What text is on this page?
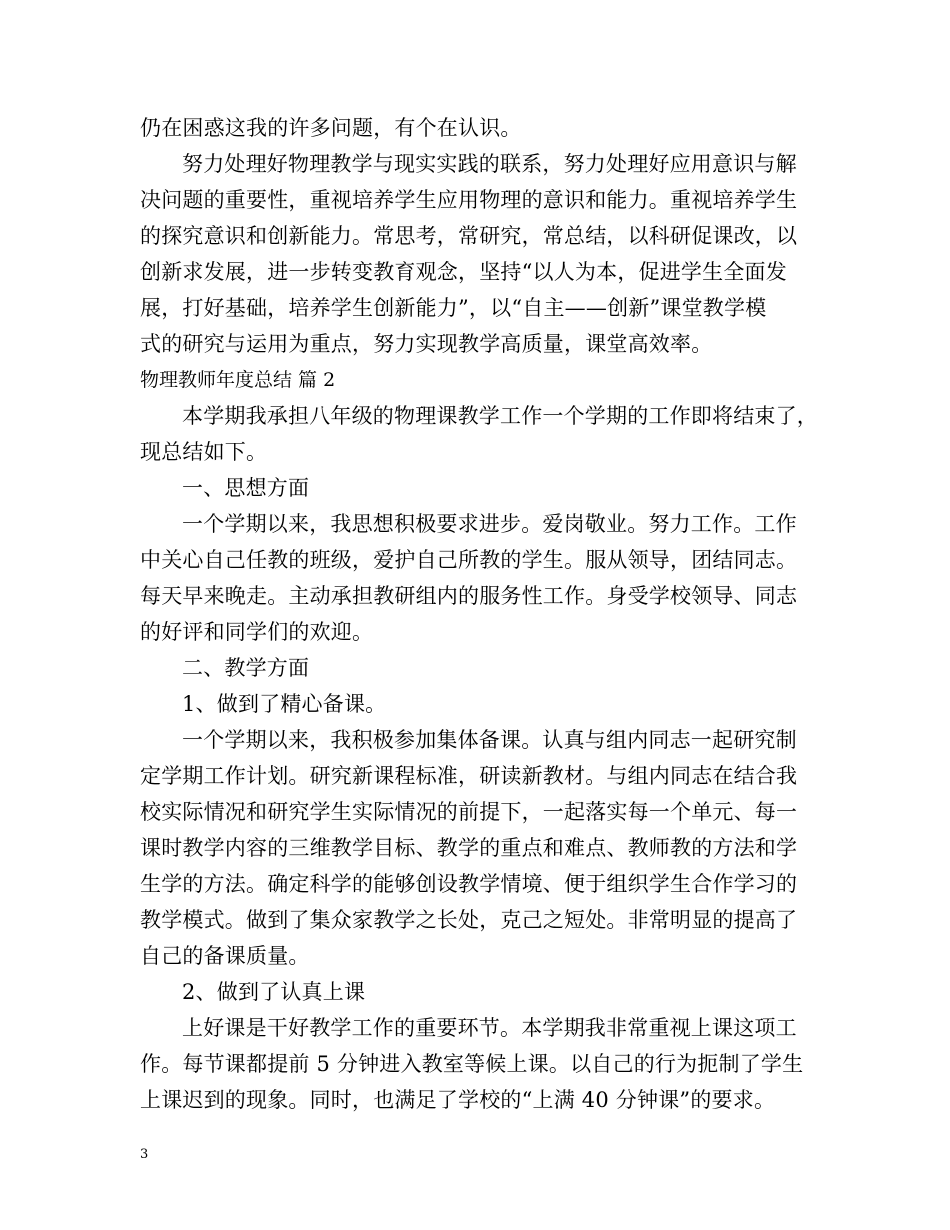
仍在困惑这我的许多问题，有个在认识。
努力处理好物理教学与现实实践的联系，努力处理好应用意识与解
决问题的重要性，重视培养学生应用物理的意识和能力。重视培养学生
的探究意识和创新能力。常思考，常研究，常总结，以科研促课改，以
创新求发展，进一步转变教育观念，坚持“以人为本，促进学生全面发
展，打好基础，培养学生创新能力”，以“自主——创新”课堂教学模
式的研究与运用为重点，努力实现教学高质量，课堂高效率。
物理教师年度总结 篇 2
本学期我承担八年级的物理课教学工作一个学期的工作即将结束了，
现总结如下。
一、思想方面
一个学期以来，我思想积极要求进步。爱岗敬业。努力工作。工作
中关心自己任教的班级，爱护自己所教的学生。服从领导，团结同志。
每天早来晚走。主动承担教研组内的服务性工作。身受学校领导、同志
的好评和同学们的欢迎。
二、教学方面
1、做到了精心备课。
一个学期以来，我积极参加集体备课。认真与组内同志一起研究制
定学期工作计划。研究新课程标准，研读新教材。与组内同志在结合我
校实际情况和研究学生实际情况的前提下，一起落实每一个单元、每一
课时教学内容的三维教学目标、教学的重点和难点、教师教的方法和学
生学的方法。确定科学的能够创设教学情境、便于组织学生合作学习的
教学模式。做到了集众家教学之长处，克己之短处。非常明显的提高了
自己的备课质量。
2、做到了认真上课
上好课是干好教学工作的重要环节。本学期我非常重视上课这项工
作。每节课都提前 5 分钟进入教室等候上课。以自己的行为扼制了学生
上课迟到的现象。同时，也满足了学校的“上满 40 分钟课”的要求。
3
